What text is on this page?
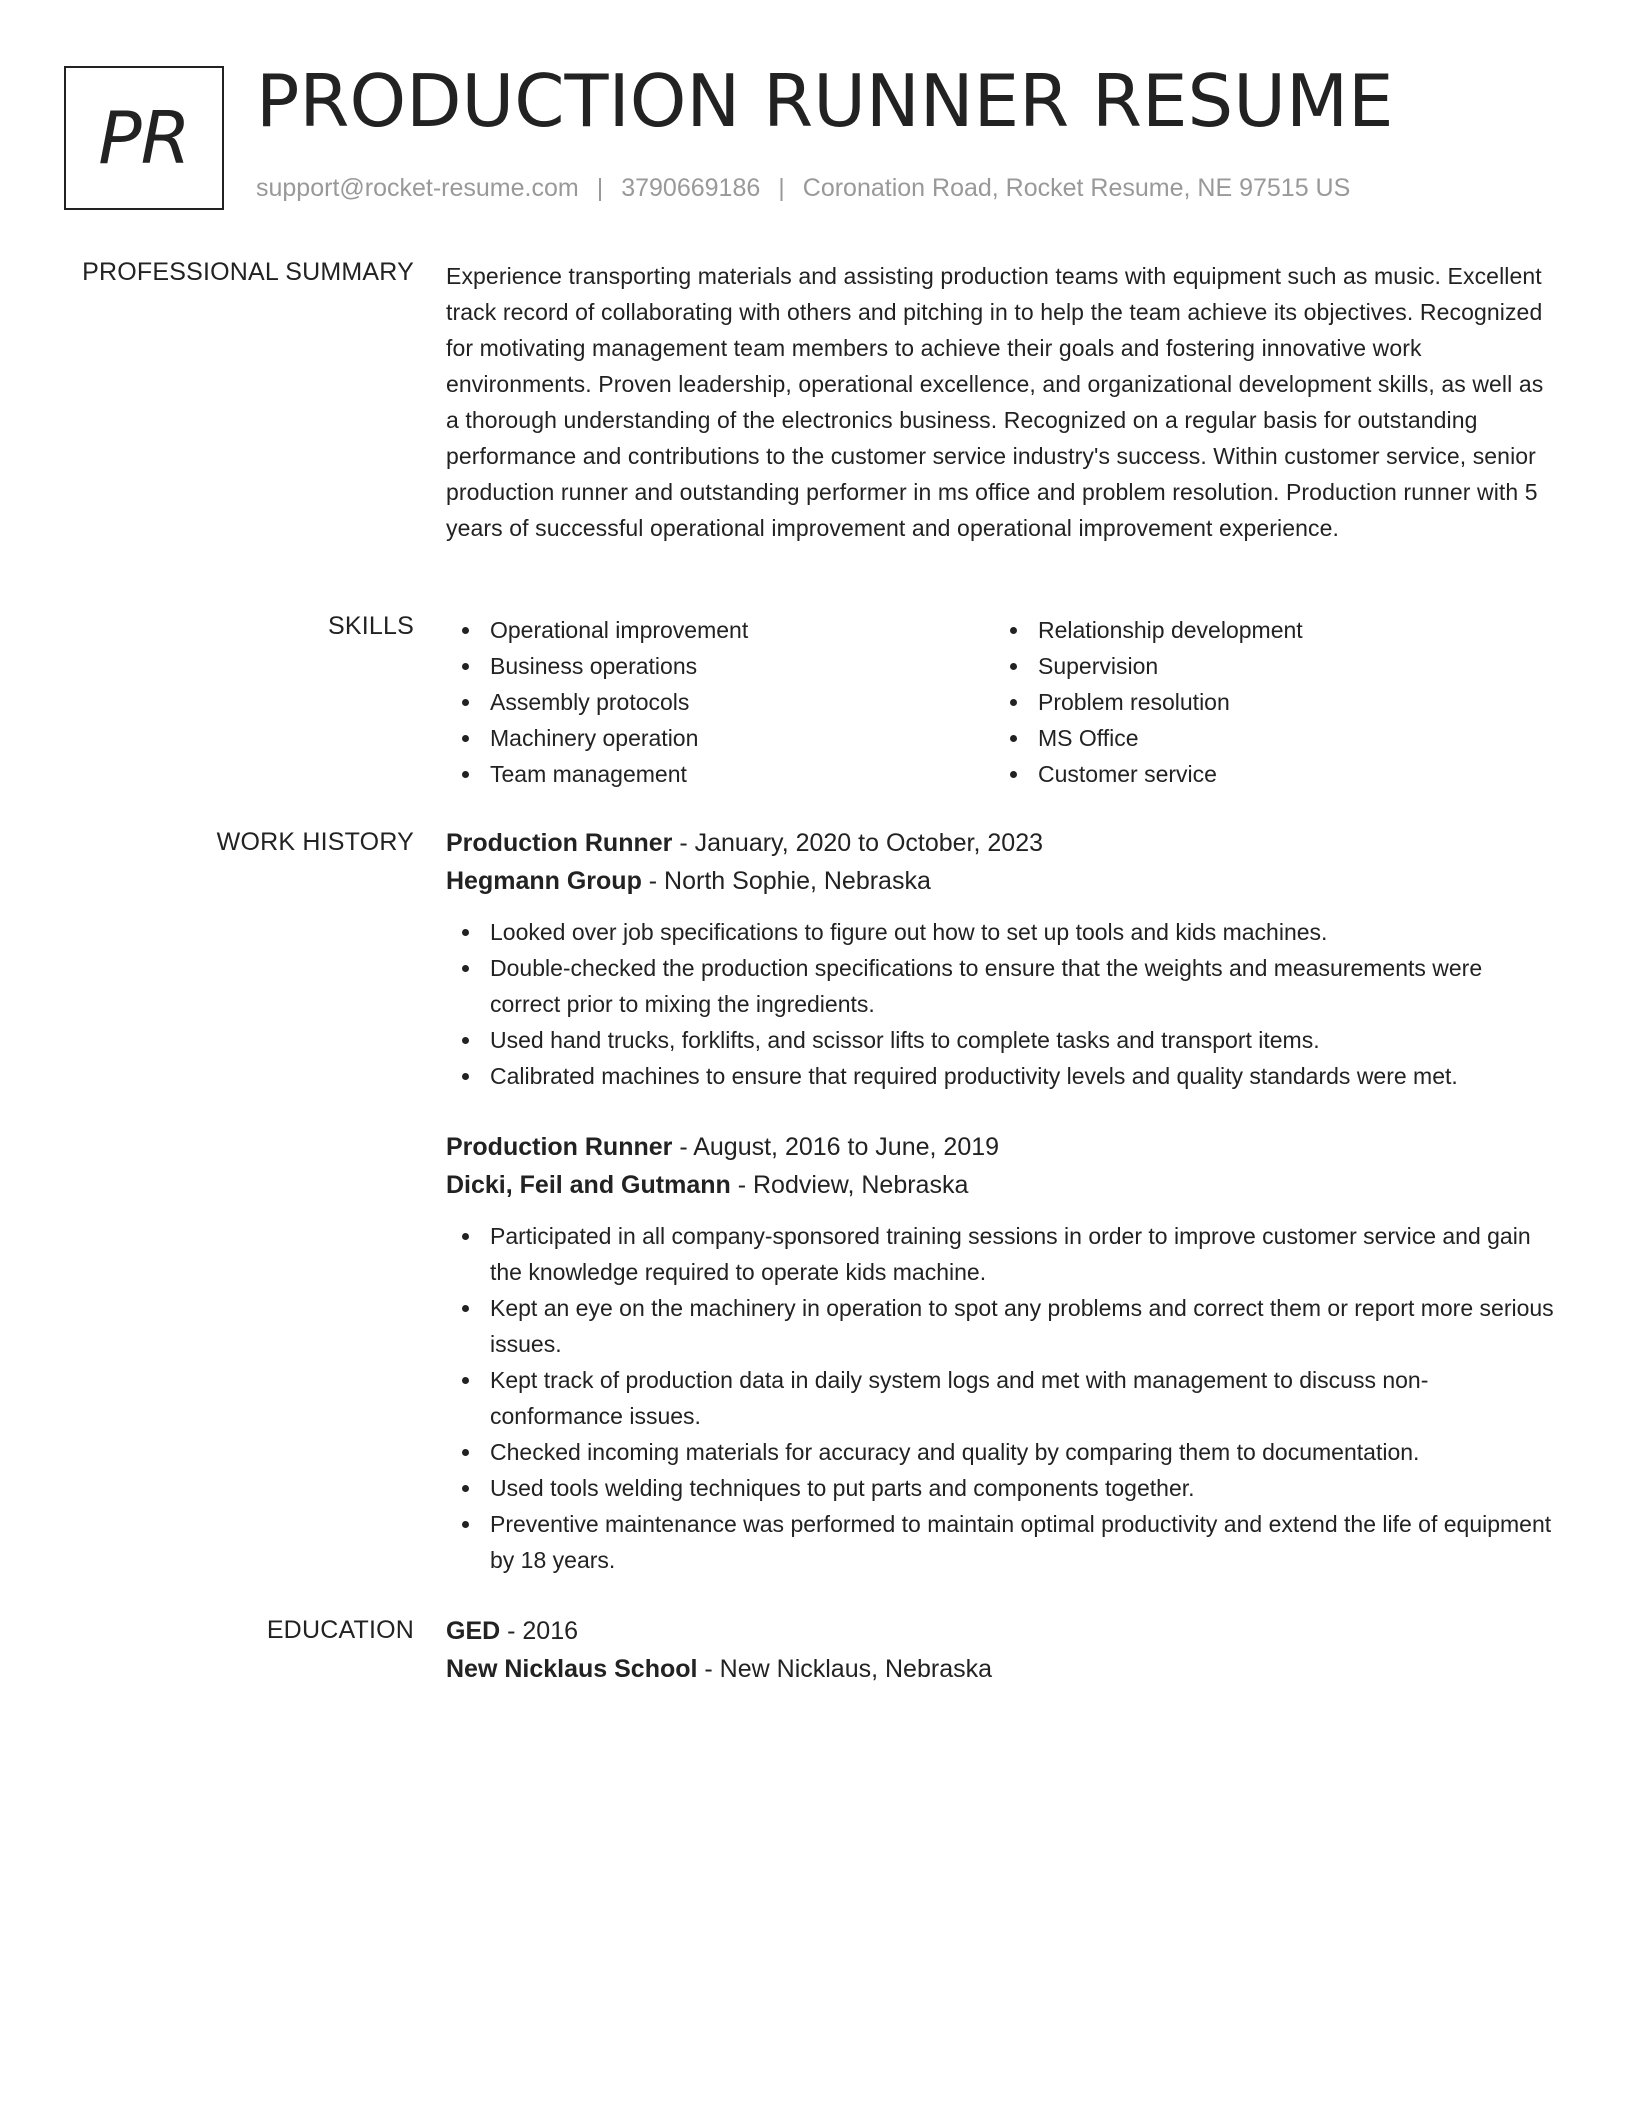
PR PRODUCTION RUNNER RESUME
support@rocket-resume.com | 3790669186 | Coronation Road, Rocket Resume, NE 97515 US
PROFESSIONAL SUMMARY Experience transporting materials and assisting production teams with equipment such as music. Excellent track record of collaborating with others and pitching in to help the team achieve its objectives. Recognized for motivating management team members to achieve their goals and fostering innovative work environments. Proven leadership, operational excellence, and organizational development skills, as well as a thorough understanding of the electronics business. Recognized on a regular basis for outstanding performance and contributions to the customer service industry's success. Within customer service, senior production runner and outstanding performer in ms office and problem resolution. Production runner with 5 years of successful operational improvement and operational improvement experience.
SKILLS	Operational improvement
Business operations
Assembly protocols
Machinery operation
Team management
Relationship development
Supervision
Problem resolution
MS Office
Customer service
WORK HISTORY Production Runner - January, 2020 to October, 2023
Hegmann Group - North Sophie, Nebraska
Looked over job specifications to figure out how to set up tools and kids machines.
Double-checked the production specifications to ensure that the weights and measurements were correct prior to mixing the ingredients.
Used hand trucks, forklifts, and scissor lifts to complete tasks and transport items.
Calibrated machines to ensure that required productivity levels and quality standards were met.
Production Runner - August, 2016 to June, 2019
Dicki, Feil and Gutmann - Rodview, Nebraska
Participated in all company-sponsored training sessions in order to improve customer service and gain the knowledge required to operate kids machine.
Kept an eye on the machinery in operation to spot any problems and correct them or report more serious issues.
Kept track of production data in daily system logs and met with management to discuss non-conformance issues.
Checked incoming materials for accuracy and quality by comparing them to documentation.
Used tools welding techniques to put parts and components together.
Preventive maintenance was performed to maintain optimal productivity and extend the life of equipment by 18 years.
EDUCATION GED - 2016
New Nicklaus School - New Nicklaus, Nebraska
